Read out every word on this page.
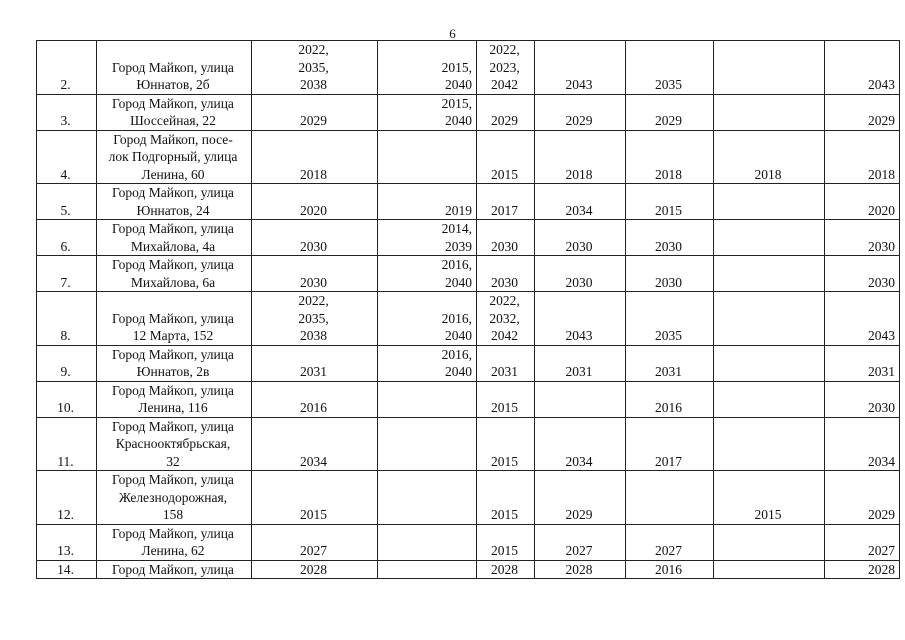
6
2.	Город Майкоп, улица
Юннатов, 2б	2022,
2035,
2038	2015,
2040	2022,
2023,
2042	2043	2035		2043
3.	Город Майкоп, улица
Шоссейная, 22	2029	2015,
2040	2029	2029	2029		2029
4.	Город Майкоп, посе-
лок Подгорный, улица
Ленина, 60	2018		2015	2018	2018	2018	2018
5.	Город Майкоп, улица
Юннатов, 24	2020	2019	2017	2034	2015		2020
6.	Город Майкоп, улица
Михайлова, 4а	2030	2014,
2039	2030	2030	2030		2030
7.	Город Майкоп, улица
Михайлова, 6а	2030	2016,
2040	2030	2030	2030		2030
8.	Город Майкоп, улица
12 Марта, 152	2022,
2035,
2038	2016,
2040	2022,
2032,
2042	2043	2035		2043
9.	Город Майкоп, улица
Юннатов, 2в	2031	2016,
2040	2031	2031	2031		2031
10.	Город Майкоп, улица
Ленина, 116	2016		2015		2016		2030
11.	Город Майкоп, улица
Краснооктябрьская,
32	2034		2015	2034	2017		2034
12.	Город Майкоп, улица
Железнодорожная,
158	2015		2015	2029		2015	2029
13.	Город Майкоп, улица
Ленина, 62	2027		2015	2027	2027		2027
14.	Город Майкоп, улица	2028		2028	2028	2016		2028
